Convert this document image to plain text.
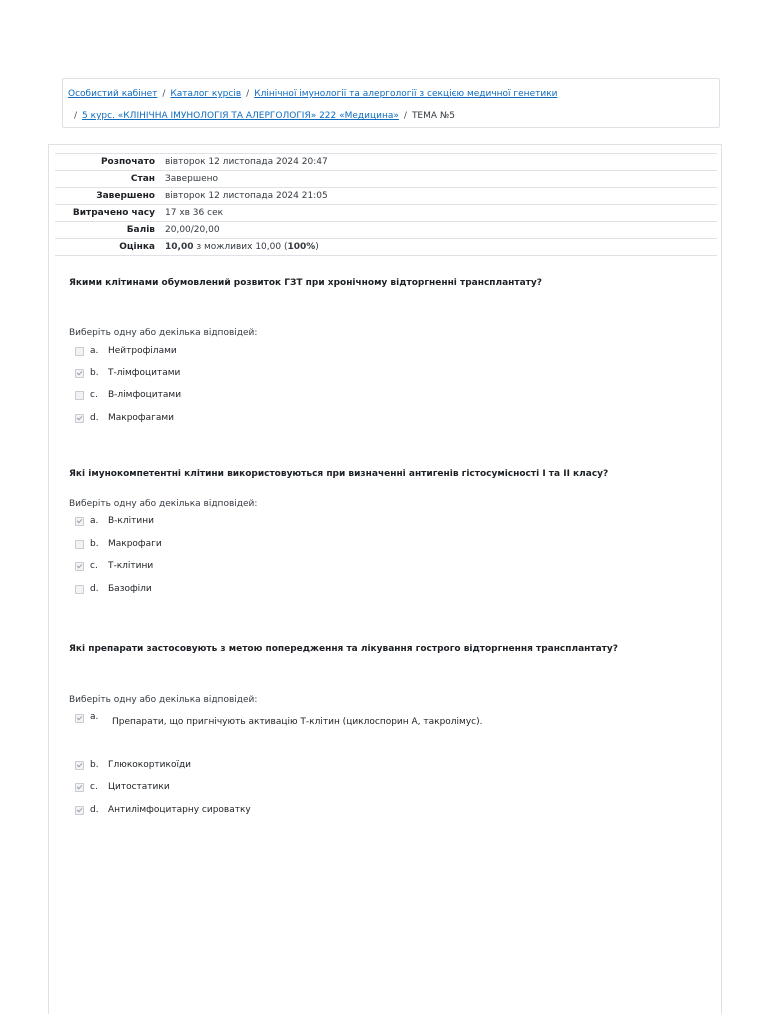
Особистий кабінет / Каталог курсів / Клінічної імунології та алергології з секцією медичної генетики
/ 5 курс. «КЛІНІЧНА ІМУНОЛОГІЯ ТА АЛЕРГОЛОГІЯ» 222 «Медицина» / ТЕМА №5
Розпочато	вівторок 12 листопада 2024 20:47
Стан	Завершено
Завершено	вівторок 12 листопада 2024 21:05
Витрачено часу	17 хв 36 сек
Балів	20,00/20,00
Оцінка	10,00 з можливих 10,00 (100%)
Якими клітинами обумовлений розвиток ГЗТ при хронічному відторгненні трансплантату?
Виберіть одну або декілька відповідей:
a.	Нейтрофілами
b.	Т-лімфоцитами
c.	В-лімфоцитами
d.	Макрофагами
Які імунокомпетентні клітини використовуються при визначенні антигенів гістосумісності І та ІІ класу?
Виберіть одну або декілька відповідей:
a.	В-клітини
b.	Макрофаги
c.	Т-клітини
d.	Базофіли
Які препарати застосовують з метою попередження та лікування гострого відторгнення трансплантату?
Виберіть одну або декілька відповідей:
a.	Препарати, що пригнічують активацію Т-клітин (циклоспорин А, такролімус).
b.	Глюкокортикоїди
c.	Цитостатики
d.	Антилімфоцитарну сироватку
